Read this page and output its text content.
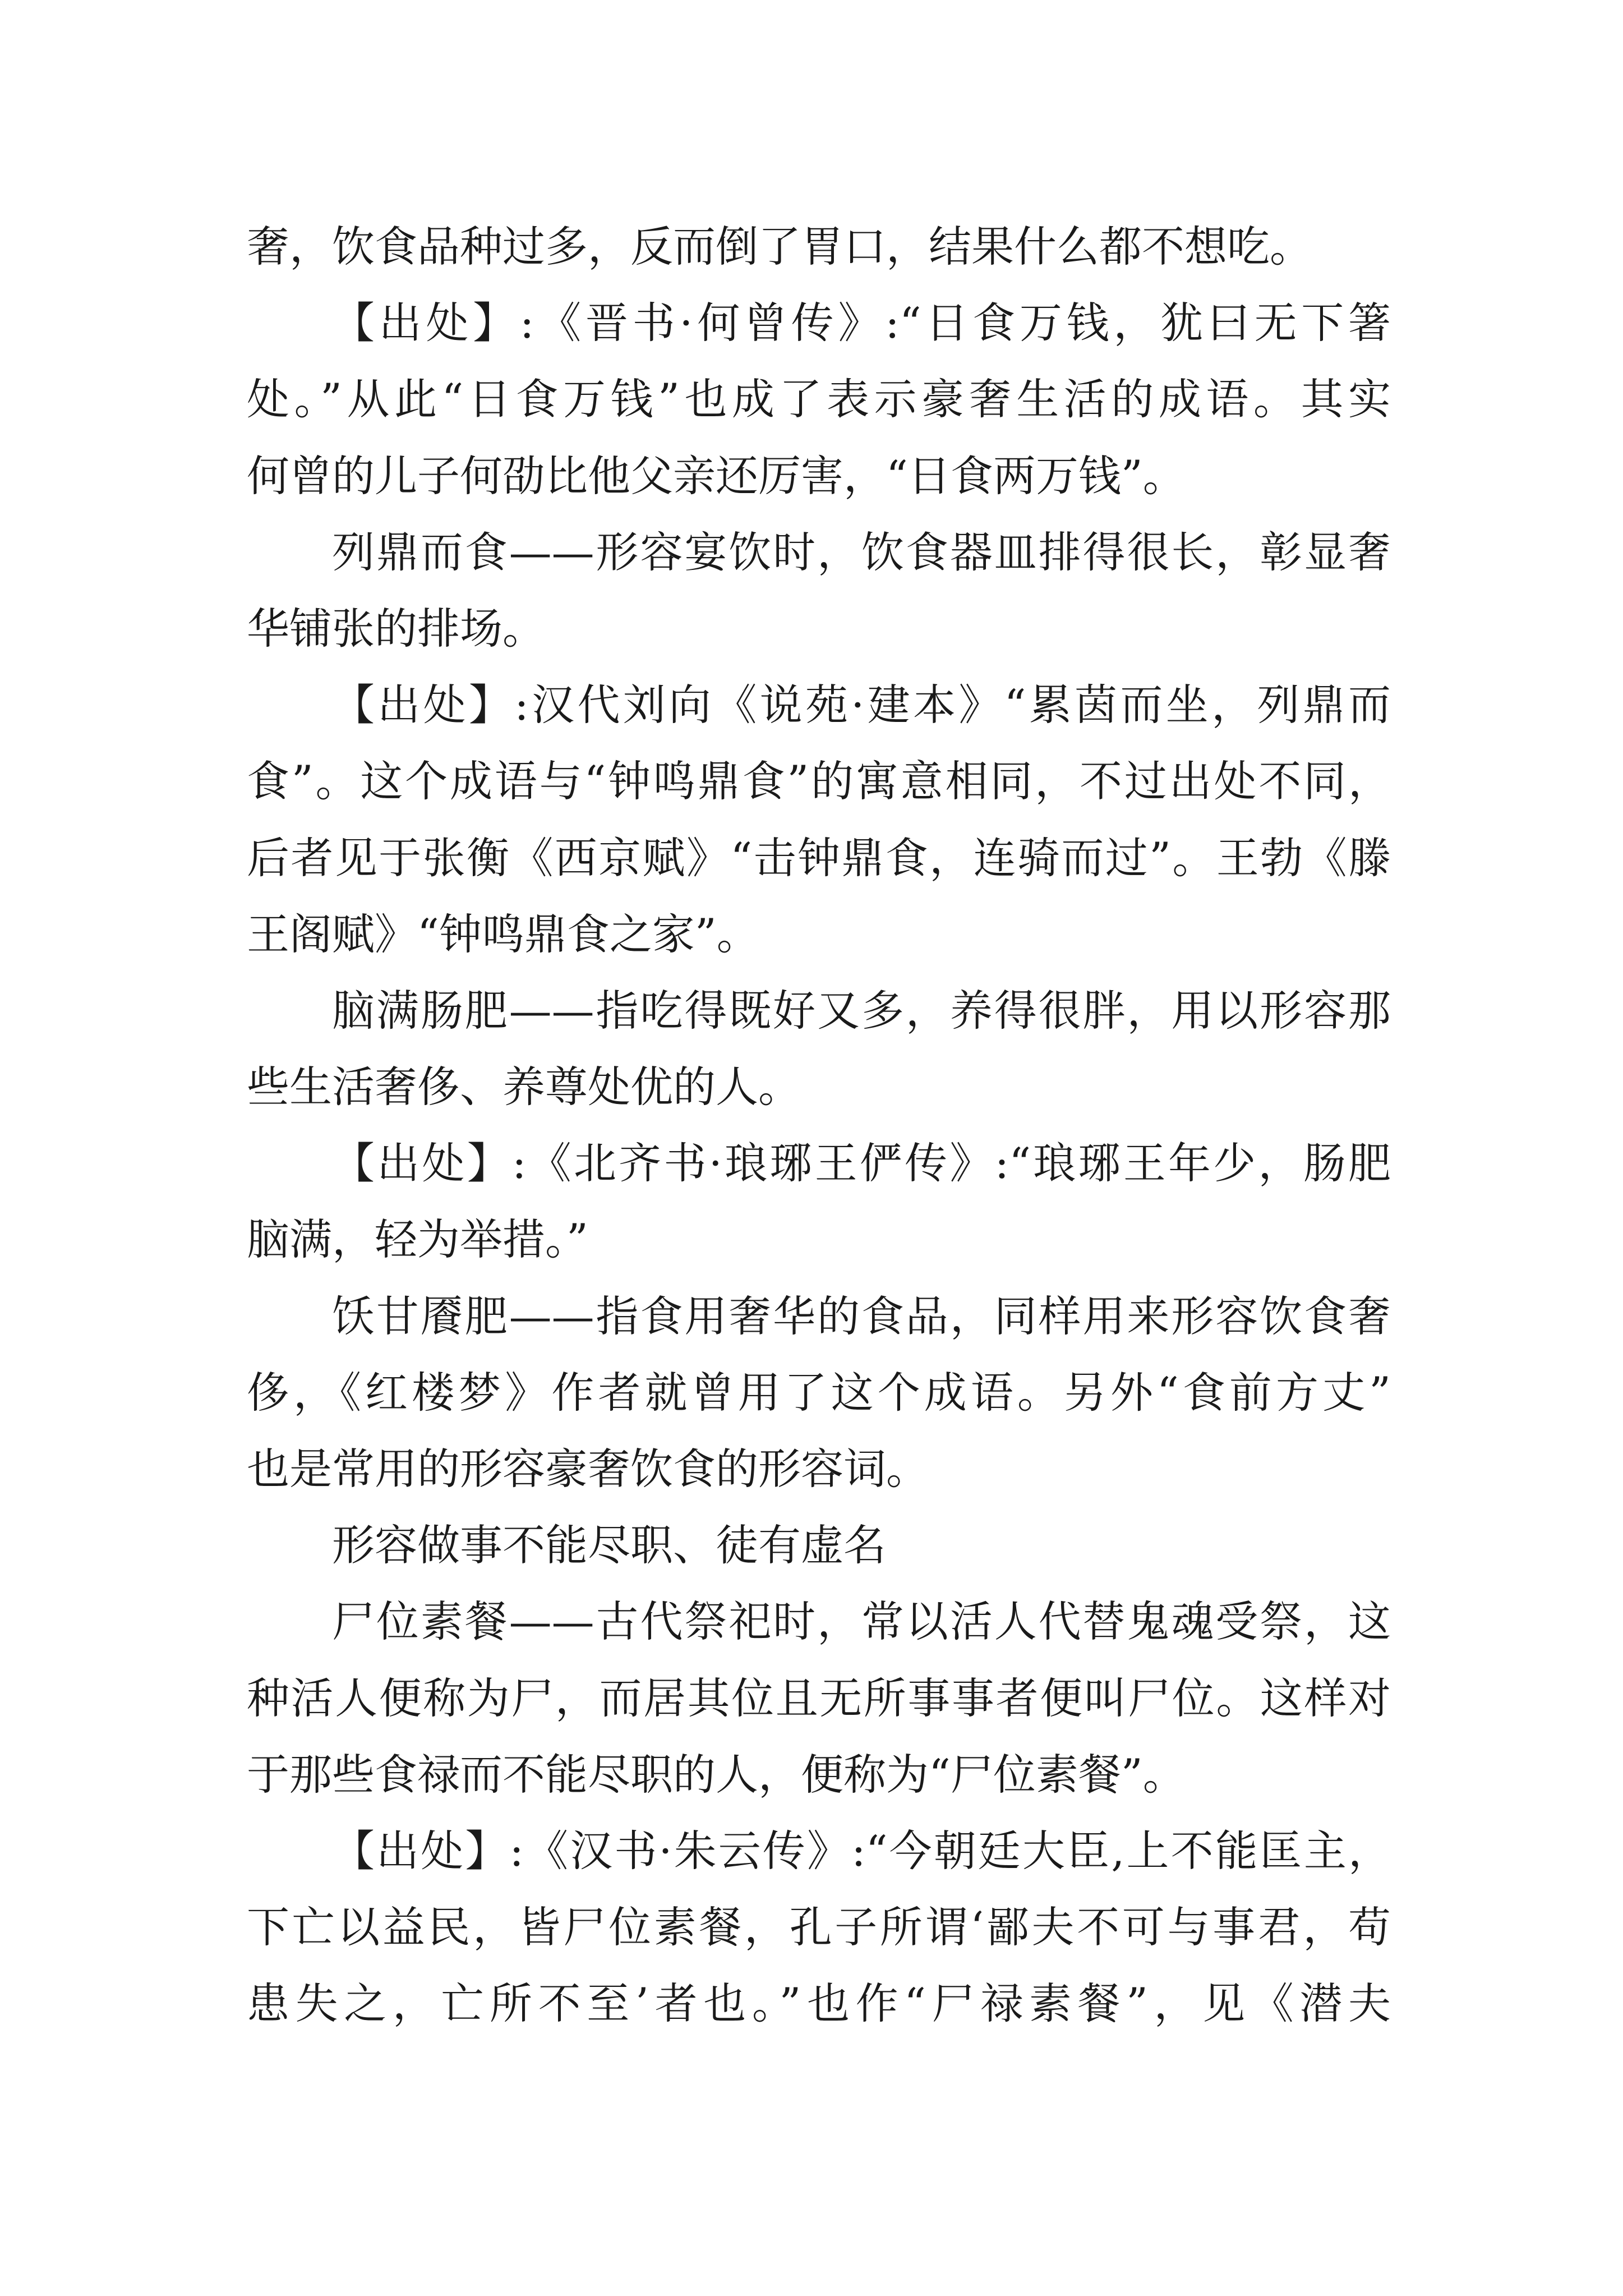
奢，饮食品种过多，反而倒了胃口，结果什么都不想吃。
【出处】:《晋书·何曾传》:“日食万钱，犹曰无下箸
处。”从此“日食万钱”也成了表示豪奢生活的成语。其实
何曾的儿子何劭比他父亲还厉害，“日食两万钱”。
列鼎而食——形容宴饮时，饮食器皿排得很长，彰显奢
华铺张的排场。
【出处】:汉代刘向《说苑·建本》“累茵而坐，列鼎而
食”。这个成语与“钟鸣鼎食”的寓意相同，不过出处不同，
后者见于张衡《西京赋》“击钟鼎食，连骑而过”。王勃《滕
王阁赋》“钟鸣鼎食之家”。
脑满肠肥——指吃得既好又多，养得很胖，用以形容那
些生活奢侈、养尊处优的人。
【出处】:《北齐书·琅琊王俨传》:“琅琊王年少，肠肥
脑满，轻为举措。”
饫甘餍肥——指食用奢华的食品，同样用来形容饮食奢
侈，《红楼梦》作者就曾用了这个成语。另外“食前方丈”
也是常用的形容豪奢饮食的形容词。
形容做事不能尽职、徒有虚名
尸位素餐——古代祭祀时，常以活人代替鬼魂受祭，这
种活人便称为尸，而居其位且无所事事者便叫尸位。这样对
于那些食禄而不能尽职的人，便称为“尸位素餐”。
【出处】:《汉书·朱云传》:“今朝廷大臣,上不能匡主，
下亡以益民，皆尸位素餐，孔子所谓‘鄙夫不可与事君，苟
患失之，亡所不至’者也。”也作“尸禄素餐”，见《潜夫
